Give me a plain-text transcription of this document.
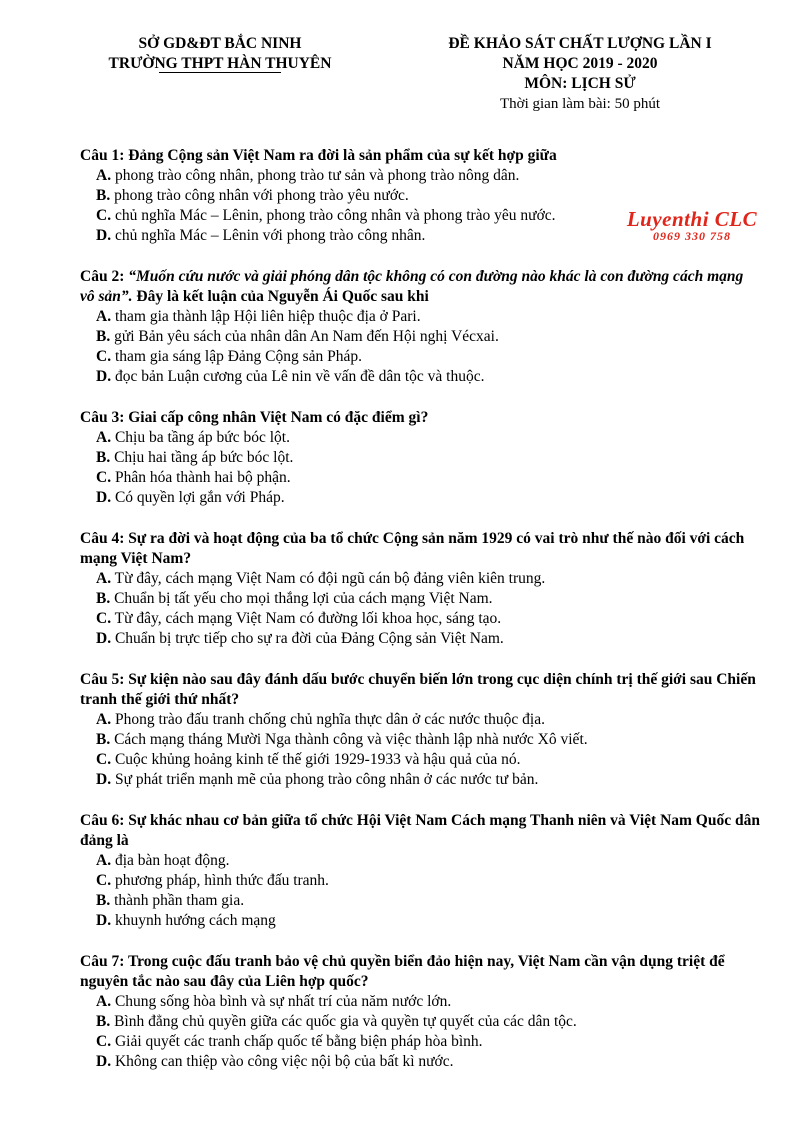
SỞ GD&ĐT BẮC NINH
TRƯỜNG THPT HÀN THUYÊN
ĐỀ KHẢO SÁT CHẤT LƯỢNG LẦN I
NĂM HỌC 2019 - 2020
MÔN: LỊCH SỬ
Thời gian làm bài: 50 phút
Luyenthi CLC
0969 330 758
Câu 1: Đảng Cộng sản Việt Nam ra đời là sản phẩm của sự kết hợp giữa
A. phong trào công nhân, phong trào tư sản và phong trào nông dân.
B. phong trào công nhân với phong trào yêu nước.
C. chủ nghĩa Mác – Lênin, phong trào công nhân và phong trào yêu nước.
D. chủ nghĩa Mác – Lênin với phong trào công nhân.
Câu 2: “Muốn cứu nước và giải phóng dân tộc không có con đường nào khác là con đường cách mạng vô sản”. Đây là kết luận của Nguyễn Ái Quốc sau khi
A. tham gia thành lập Hội liên hiệp thuộc địa ở Pari.
B. gửi Bản yêu sách của nhân dân An Nam đến Hội nghị Vécxai.
C. tham gia sáng lập Đảng Cộng sản Pháp.
D. đọc bản Luận cương của Lê nin về vấn đề dân tộc và thuộc.
Câu 3: Giai cấp công nhân Việt Nam có đặc điểm gì?
A. Chịu ba tầng áp bức bóc lột.
B. Chịu hai tầng áp bức bóc lột.
C. Phân hóa thành hai bộ phận.
D. Có quyền lợi gắn với Pháp.
Câu 4: Sự ra đời và hoạt động của ba tổ chức Cộng sản năm 1929 có vai trò như thế nào đối với cách mạng Việt Nam?
A. Từ đây, cách mạng Việt Nam có đội ngũ cán bộ đảng viên kiên trung.
B. Chuẩn bị tất yếu cho mọi thắng lợi của cách mạng Việt Nam.
C. Từ đây, cách mạng Việt Nam có đường lối khoa học, sáng tạo.
D. Chuẩn bị trực tiếp cho sự ra đời của Đảng Cộng sản Việt Nam.
Câu 5: Sự kiện nào sau đây đánh dấu bước chuyển biến lớn trong cục diện chính trị thế giới sau Chiến tranh thế giới thứ nhất?
A. Phong trào đấu tranh chống chủ nghĩa thực dân ở các nước thuộc địa.
B. Cách mạng tháng Mười Nga thành công và việc thành lập nhà nước Xô viết.
C. Cuộc khủng hoảng kinh tế thế giới 1929-1933 và hậu quả của nó.
D. Sự phát triển mạnh mẽ của phong trào công nhân ở các nước tư bản.
Câu 6: Sự khác nhau cơ bản giữa tổ chức Hội Việt Nam Cách mạng Thanh niên và Việt Nam Quốc dân đảng là
A. địa bàn hoạt động.
C. phương pháp, hình thức đấu tranh.
B. thành phần tham gia.
D. khuynh hướng cách mạng
Câu 7: Trong cuộc đấu tranh bảo vệ chủ quyền biển đảo hiện nay, Việt Nam cần vận dụng triệt để nguyên tắc nào sau đây của Liên hợp quốc?
A. Chung sống hòa bình và sự nhất trí của năm nước lớn.
B. Bình đẳng chủ quyền giữa các quốc gia và quyền tự quyết của các dân tộc.
C. Giải quyết các tranh chấp quốc tế bằng biện pháp hòa bình.
D. Không can thiệp vào công việc nội bộ của bất kì nước.
